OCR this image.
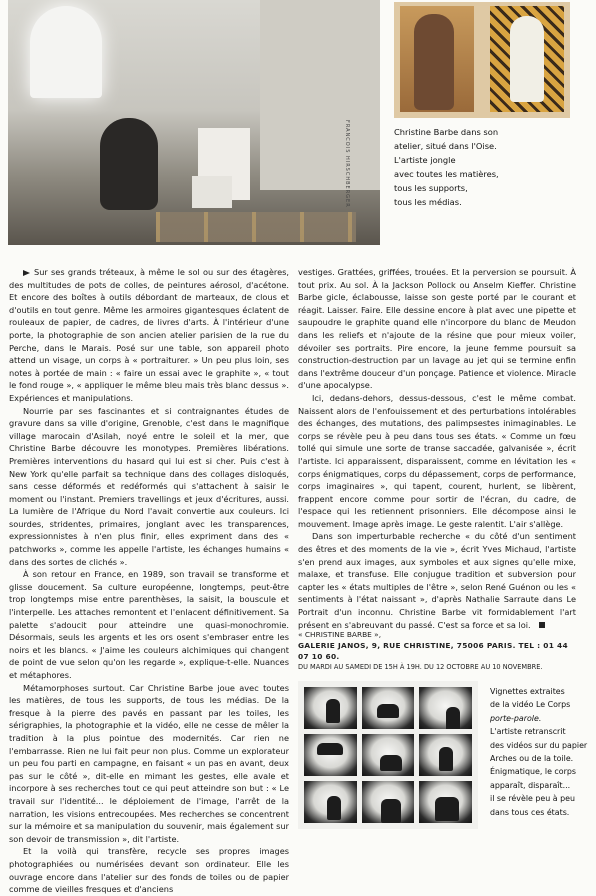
FRANCOIS HIRSCHBERGER	Christine Barbe dans son
atelier, situé dans l'Oise.
L'artiste jongle
avec toutes les matières,
tous les supports,
tous les médias.

Sur ses grands tréteaux, à même le sol ou sur des étagères, des multitudes de pots de colles, de peintures aérosol, d'acétone. Et encore des boîtes à outils débordant de marteaux, de clous et d'outils en tout genre. Même les armoires gigantesques éclatent de rouleaux de papier, de cadres, de livres d'arts. À l'intérieur d'une porte, la photographie de son ancien atelier parisien de la rue du Perche, dans le Marais. Posé sur une table, son appareil photo attend un visage, un corps à « portraiturer. » Un peu plus loin, ses notes à portée de main : « faire un essai avec le graphite », « tout le fond rouge », « appliquer le même bleu mais très blanc dessus ». Expériences et manipulations.

Nourrie par ses fascinantes et si contraignantes études de gravure dans sa ville d'origine, Grenoble, c'est dans le magnifique village marocain d'Asilah, noyé entre le soleil et la mer, que Christine Barbe découvre les monotypes. Premières libérations. Premières interventions du hasard qui lui est si cher. Puis c'est à New York qu'elle parfait sa technique dans des collages disloqués, sans cesse déformés et redéformés qui s'attachent à saisir le moment ou l'instant. Premiers travellings et jeux d'écritures, aussi. La lumière de l'Afrique du Nord l'avait convertie aux couleurs. Ici sourdes, stridentes, primaires, jonglant avec les transparences, expressionnistes à n'en plus finir, elles expriment dans des « patchworks », comme les appelle l'artiste, les échanges humains « dans des sortes de clichés ».

À son retour en France, en 1989, son travail se transforme et glisse doucement. Sa culture européenne, longtemps, peut-être trop longtemps mise entre parenthèses, la saisit, la bouscule et l'interpelle. Les attaches remontent et l'enlacent définitivement. Sa palette s'adoucit pour atteindre une quasi-monochromie. Désormais, seuls les argents et les ors osent s'embraser entre les noirs et les blancs. « J'aime les couleurs alchimiques qui changent de point de vue selon qu'on les regarde », explique-t-elle. Nuances et métaphores.

Métamorphoses surtout. Car Christine Barbe joue avec toutes les matières, de tous les supports, de tous les médias. De la fresque à la pierre des pavés en passant par les toiles, les sérigraphies, la photographie et la vidéo, elle ne cesse de mêler la tradition à la plus pointue des modernités. Car rien ne l'embarrasse. Rien ne lui fait peur non plus. Comme un explorateur un peu fou parti en campagne, en faisant « un pas en avant, deux pas sur le côté », dit-elle en mimant les gestes, elle avale et incorpore à ses recherches tout ce qui peut atteindre son but : « Le travail sur l'identité... le déploiement de l'image, l'arrêt de la narration, les visions entrecoupées. Mes recherches se concentrent sur la mémoire et sa manipulation du souvenir, mais également sur son devoir de transmission », dit l'artiste.

Et la voilà qui transfère, recycle ses propres images photographiées ou numérisées devant son ordinateur. Elle les ouvrage encore dans l'atelier sur des fonds de toiles ou de papier comme de vieilles fresques et d'anciens

vestiges. Grattées, griffées, trouées. Et la perversion se poursuit. À tout prix. Au sol. À la Jackson Pollock ou Anselm Kieffer. Christine Barbe gicle, éclabousse, laisse son geste porté par le courant et réagit. Laisser. Faire. Elle dessine encore à plat avec une pipette et saupoudre le graphite quand elle n'incorpore du blanc de Meudon dans les reliefs et n'ajoute de la résine que pour mieux voiler, dévoiler ses portraits. Pire encore, la jeune femme poursuit sa construction-destruction par un lavage au jet qui se termine enfin dans l'extrême douceur d'un ponçage. Patience et violence. Miracle d'une apocalypse.

Ici, dedans-dehors, dessus-dessous, c'est le même combat. Naissent alors de l'enfouissement et des perturbations intolérables des échanges, des mutations, des palimpsestes inimaginables. Le corps se révèle peu à peu dans tous ses états. « Comme un fœu tollé qui simule une sorte de transe saccadée, galvanisée », écrit l'artiste. Ici apparaissent, disparaissent, comme en lévitation les « corps énigmatiques, corps du dépassement, corps de performance, corps imaginaires », qui tapent, courent, hurlent, se libèrent, frappent encore comme pour sortir de l'écran, du cadre, de l'espace qui les retiennent prisonniers. Elle décompose ainsi le mouvement. Image après image. Le geste ralentit. L'air s'allège.

Dans son imperturbable recherche « du côté d'un sentiment des êtres et des moments de la vie », écrit Yves Michaud, l'artiste s'en prend aux images, aux symboles et aux signes qu'elle mixe, malaxe, et transfuse. Elle conjugue tradition et subversion pour capter les « états multiples de l'être », selon René Guénon ou les « sentiments à l'état naissant », d'après Nathalie Sarraute dans Le Portrait d'un inconnu. Christine Barbe vit formidablement l'art présent en s'abreuvant du passé. C'est sa force et sa loi.

« CHRISTINE BARBE »,
GALERIE JANOS, 9, RUE CHRISTINE, 75006 PARIS. TEL : 01 44 07 10 60.
DU MARDI AU SAMEDI DE 15H À 19H. DU 12 OCTOBRE AU 10 NOVEMBRE.
Vignettes extraites
de la vidéo Le Corps
porte-parole.
L'artiste retranscrit
des vidéos sur du papier
Arches ou de la toile.
Énigmatique, le corps
apparaît, disparaît...
il se révèle peu à peu
dans tous ces états.
